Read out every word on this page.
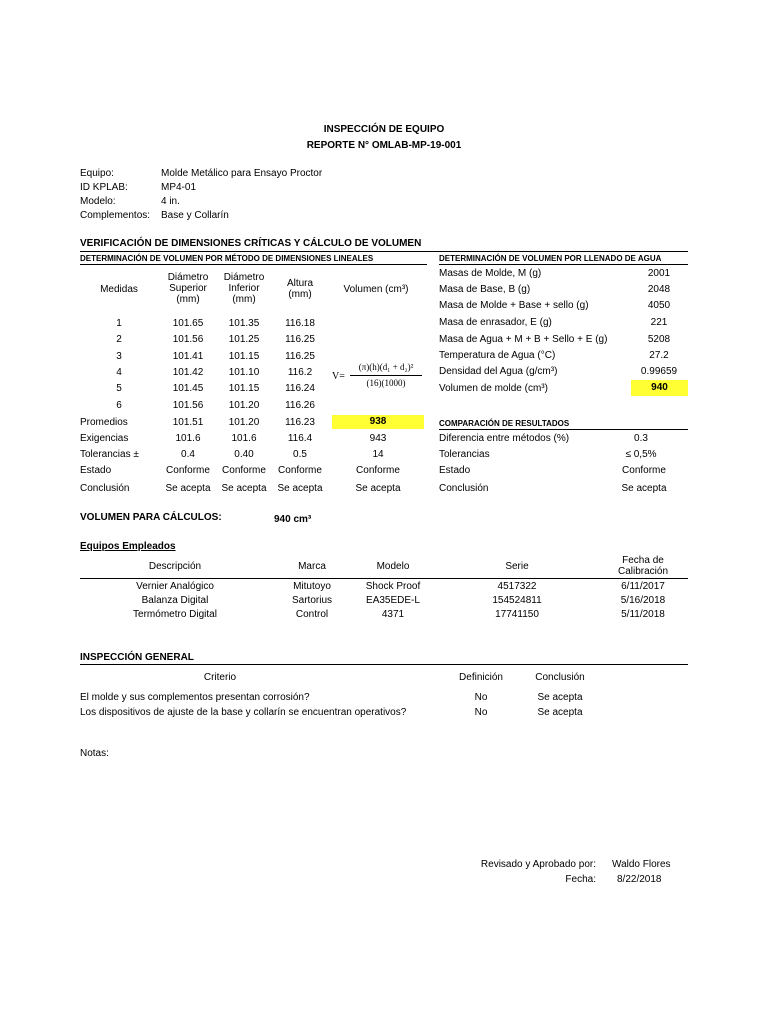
INSPECCIÓN DE EQUIPO
REPORTE N° OMLAB-MP-19-001
Equipo:	Molde Metálico para Ensayo Proctor
ID KPLAB:	MP4-01
Modelo:	4 in.
Complementos: Base y Collarín
VERIFICACIÓN DE DIMENSIONES CRÍTICAS Y CÁLCULO DE VOLUMEN
DETERMINACIÓN DE VOLUMEN POR MÉTODO DE DIMENSIONES LINEALES	DETERMINACIÓN DE VOLUMEN POR LLENADO DE AGUA
Medidas
Diámetro Superior (mm)
Diámetro Inferior (mm)
Altura (mm)	Volumen (cm³)
1	101.65	101.35	116.18
2	101.56	101.25	116.25
3	101.41	101.15	116.25
4	101.42	101.10	116.2
5	101.45	101.15	116.24
6	101.56	101.20	116.26
V=
(π)(h)(d₁ + d₂)²
(16)(1000)
Promedios	101.51	101.20	116.23	938
Exigencias	101.6	101.6	116.4	943
Tolerancias ±	0.4	0.40	0.5	14
Estado	Conforme	Conforme	Conforme	Conforme
Conclusión	Se acepta	Se acepta	Se acepta	Se acepta
Masas de Molde, M (g)	2001
Masa de Base, B (g)	2048
Masa de Molde + Base + sello (g)	4050
Masa de enrasador, E (g)	221
Masa de Agua + M + B + Sello + E (g)	5208
Temperatura de Agua (°C)	27.2
Densidad del Agua (g/cm³)	0.99659
Volumen de molde (cm³)	940
COMPARACIÓN DE RESULTADOS
Diferencia entre métodos (%)	0.3
Tolerancias	≤ 0,5%
Estado	Conforme
Conclusión	Se acepta
VOLUMEN PARA CÁLCULOS:	940 cm³
Equipos Empleados
Descripción	Marca	Modelo	Serie
Fecha de Calibración
Vernier Analógico	Mitutoyo	Shock Proof	4517322	6/11/2017
Balanza Digital	Sartorius	EA35EDE-L	154524811	5/16/2018
Termómetro Digital	Control	4371	17741150	5/11/2018
INSPECCIÓN GENERAL
Criterio	Definición	Conclusión
El molde y sus complementos presentan corrosión?	No	Se acepta
Los dispositivos de ajuste de la base y collarín se encuentran operativos?	No	Se acepta
Notas:
Revisado y Aprobado por: Waldo Flores
Fecha: 8/22/2018
